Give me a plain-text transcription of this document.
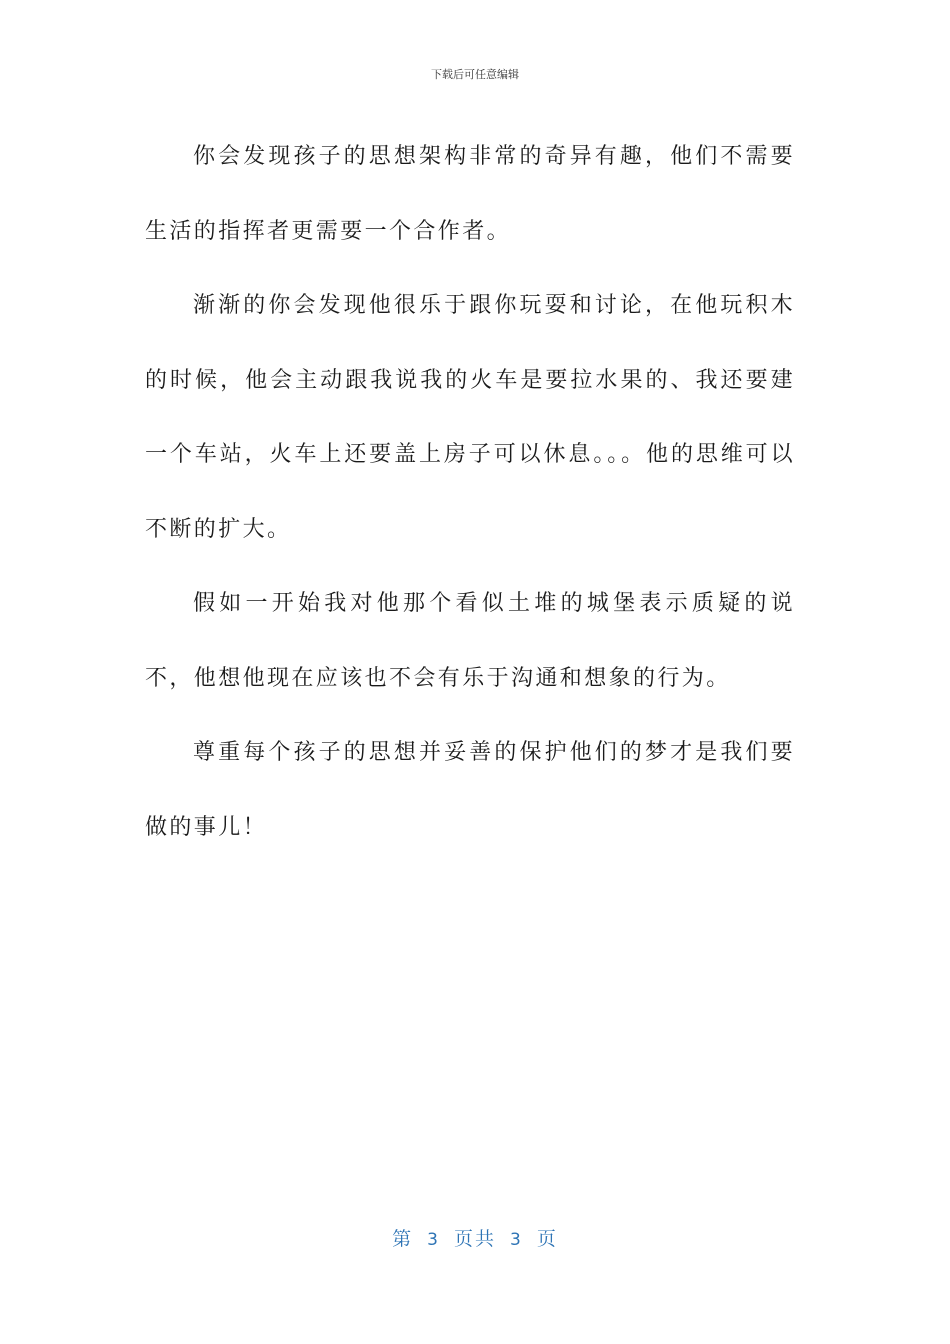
下载后可任意编辑

你会发现孩子的思想架构非常的奇异有趣，他们不需要生活的指挥者更需要一个合作者。

渐渐的你会发现他很乐于跟你玩耍和讨论，在他玩积木的时候，他会主动跟我说我的火车是要拉水果的、我还要建一个车站，火车上还要盖上房子可以休息。。。他的思维可以不断的扩大。

假如一开始我对他那个看似土堆的城堡表示质疑的说不，他想他现在应该也不会有乐于沟通和想象的行为。

尊重每个孩子的思想并妥善的保护他们的梦才是我们要做的事儿！

第 3 页共 3 页
